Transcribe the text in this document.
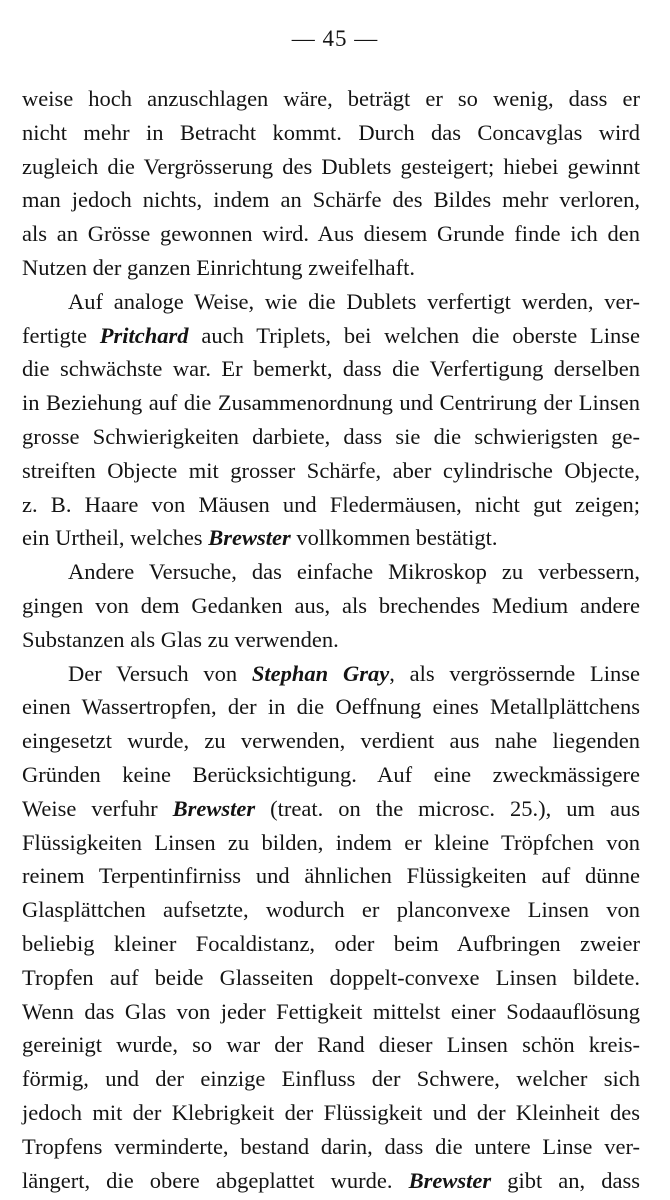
— 45 —
weise hoch anzuschlagen wäre, beträgt er so wenig, dass er
nicht mehr in Betracht kommt. Durch das Concavglas wird
zugleich die Vergrösserung des Dublets gesteigert; hiebei gewinnt
man jedoch nichts, indem an Schärfe des Bildes mehr verloren,
als an Grösse gewonnen wird. Aus diesem Grunde finde ich den
Nutzen der ganzen Einrichtung zweifelhaft.
Auf analoge Weise, wie die Dublets verfertigt werden, ver-
fertigte Pritchard auch Triplets, bei welchen die oberste Linse
die schwächste war. Er bemerkt, dass die Verfertigung derselben
in Beziehung auf die Zusammenordnung und Centrirung der Linsen
grosse Schwierigkeiten darbiete, dass sie die schwierigsten ge-
streiften Objecte mit grosser Schärfe, aber cylindrische Objecte,
z. B. Haare von Mäusen und Fledermäusen, nicht gut zeigen;
ein Urtheil, welches Brewster vollkommen bestätigt.
Andere Versuche, das einfache Mikroskop zu verbessern,
gingen von dem Gedanken aus, als brechendes Medium andere
Substanzen als Glas zu verwenden.
Der Versuch von Stephan Gray, als vergrössernde Linse
einen Wassertropfen, der in die Oeffnung eines Metallplättchens
eingesetzt wurde, zu verwenden, verdient aus nahe liegenden
Gründen keine Berücksichtigung. Auf eine zweckmässigere
Weise verfuhr Brewster (treat. on the microsc. 25.), um aus
Flüssigkeiten Linsen zu bilden, indem er kleine Tröpfchen von
reinem Terpentinfirniss und ähnlichen Flüssigkeiten auf dünne
Glasplättchen aufsetzte, wodurch er planconvexe Linsen von
beliebig kleiner Focaldistanz, oder beim Aufbringen zweier
Tropfen auf beide Glasseiten doppelt-convexe Linsen bildete.
Wenn das Glas von jeder Fettigkeit mittelst einer Sodaauflösung
gereinigt wurde, so war der Rand dieser Linsen schön kreis-
förmig, und der einzige Einfluss der Schwere, welcher sich
jedoch mit der Klebrigkeit der Flüssigkeit und der Kleinheit des
Tropfens verminderte, bestand darin, dass die untere Linse ver-
längert, die obere abgeplattet wurde. Brewster gibt an, dass
